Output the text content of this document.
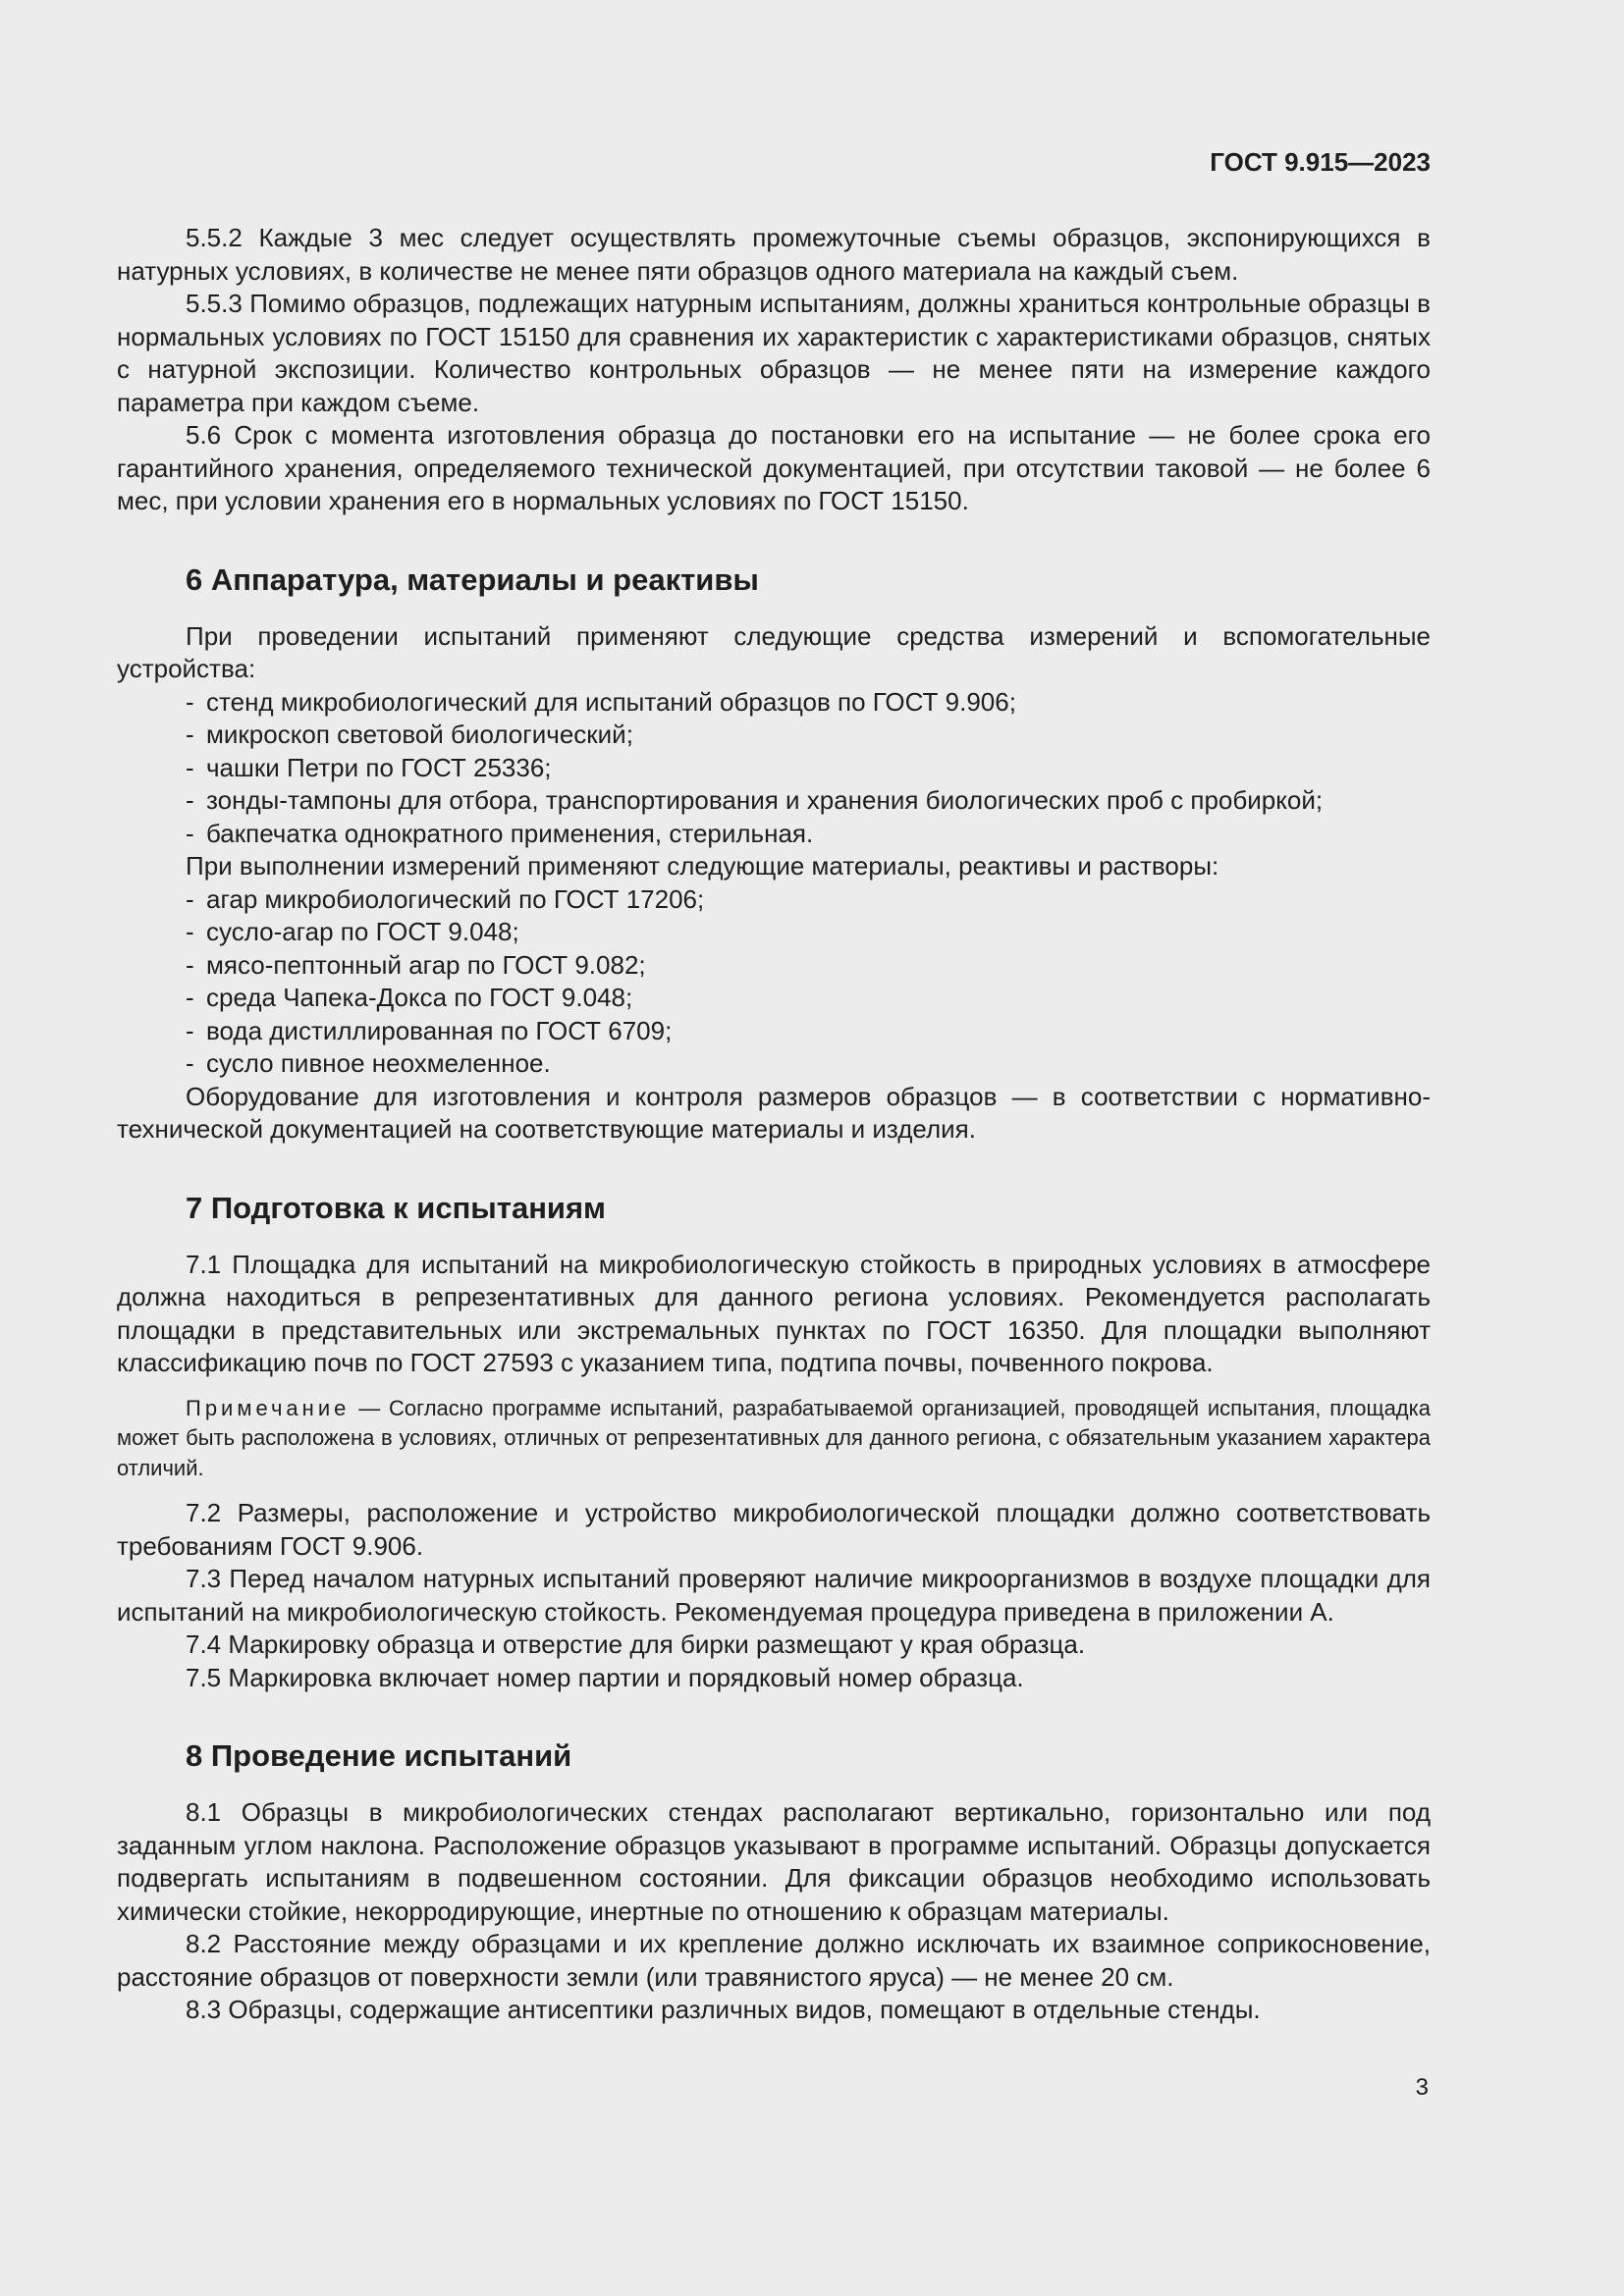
ГОСТ 9.915—2023

5.5.2 Каждые 3 мес следует осуществлять промежуточные съемы образцов, экспонирующихся в натурных условиях, в количестве не менее пяти образцов одного материала на каждый съем.

5.5.3 Помимо образцов, подлежащих натурным испытаниям, должны храниться контрольные образцы в нормальных условиях по ГОСТ 15150 для сравнения их характеристик с характеристиками образцов, снятых с натурной экспозиции. Количество контрольных образцов — не менее пяти на измерение каждого параметра при каждом съеме.

5.6 Срок с момента изготовления образца до постановки его на испытание — не более срока его гарантийного хранения, определяемого технической документацией, при отсутствии таковой — не более 6 мес, при условии хранения его в нормальных условиях по ГОСТ 15150.

6 Аппаратура, материалы и реактивы

При проведении испытаний применяют следующие средства измерений и вспомогательные устройства:

- стенд микробиологический для испытаний образцов по ГОСТ 9.906;
- микроскоп световой биологический;
- чашки Петри по ГОСТ 25336;
- зонды-тампоны для отбора, транспортирования и хранения биологических проб с пробиркой;
- бакпечатка однократного применения, стерильная.

При выполнении измерений применяют следующие материалы, реактивы и растворы:

- агар микробиологический по ГОСТ 17206;
- сусло-агар по ГОСТ 9.048;
- мясо-пептонный агар по ГОСТ 9.082;
- среда Чапека-Докса по ГОСТ 9.048;
- вода дистиллированная по ГОСТ 6709;
- сусло пивное неохмеленное.

Оборудование для изготовления и контроля размеров образцов — в соответствии с нормативно-технической документацией на соответствующие материалы и изделия.

7 Подготовка к испытаниям

7.1 Площадка для испытаний на микробиологическую стойкость в природных условиях в атмосфере должна находиться в репрезентативных для данного региона условиях. Рекомендуется располагать площадки в представительных или экстремальных пунктах по ГОСТ 16350. Для площадки выполняют классификацию почв по ГОСТ 27593 с указанием типа, подтипа почвы, почвенного покрова.

Примечание — Согласно программе испытаний, разрабатываемой организацией, проводящей испытания, площадка может быть расположена в условиях, отличных от репрезентативных для данного региона, с обязательным указанием характера отличий.

7.2 Размеры, расположение и устройство микробиологической площадки должно соответствовать требованиям ГОСТ 9.906.

7.3 Перед началом натурных испытаний проверяют наличие микроорганизмов в воздухе площадки для испытаний на микробиологическую стойкость. Рекомендуемая процедура приведена в приложении А.

7.4 Маркировку образца и отверстие для бирки размещают у края образца.

7.5 Маркировка включает номер партии и порядковый номер образца.

8 Проведение испытаний

8.1 Образцы в микробиологических стендах располагают вертикально, горизонтально или под заданным углом наклона. Расположение образцов указывают в программе испытаний. Образцы допускается подвергать испытаниям в подвешенном состоянии. Для фиксации образцов необходимо использовать химически стойкие, некорродирующие, инертные по отношению к образцам материалы.

8.2 Расстояние между образцами и их крепление должно исключать их взаимное соприкосновение, расстояние образцов от поверхности земли (или травянистого яруса) — не менее 20 см.

8.3 Образцы, содержащие антисептики различных видов, помещают в отдельные стенды.

3
